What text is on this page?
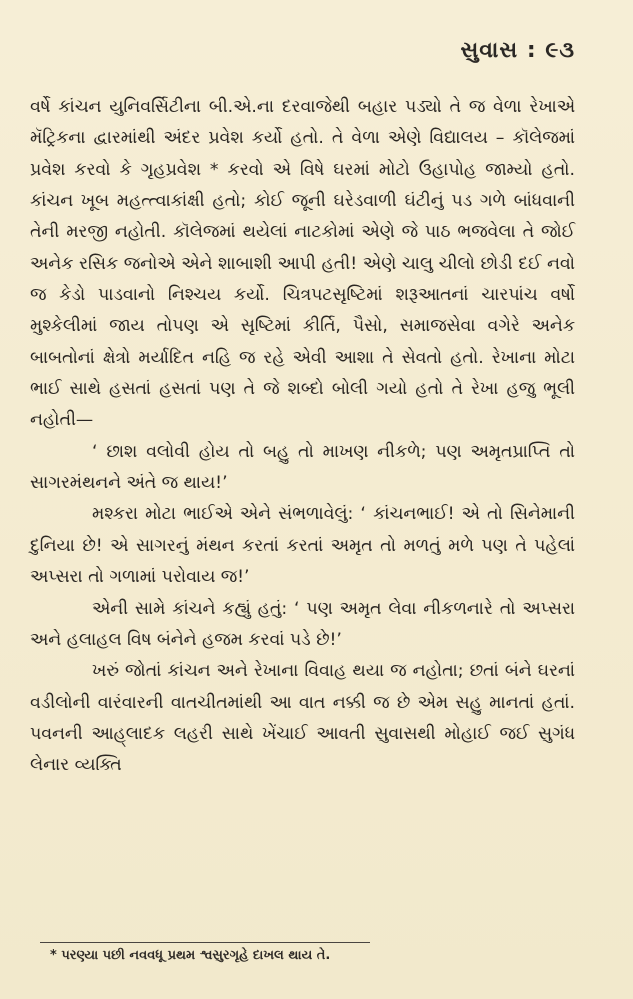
સુવાસ : ૯૩

વર્ષે કાંચન યુનિવર્સિટીના બી.એ.ના દરવાજેથી બહાર પડ્યો તે જ વેળા રેખાએ મૅટ્રિકના દ્વારમાંથી અંદર પ્રવેશ કર્યો હતો. તે વેળા એણે વિદ્યાલય – કૉલેજમાં પ્રવેશ કરવો કે ગૃહપ્રવેશ * કરવો એ વિષે ઘરમાં મોટો ઉહાપોહ જામ્યો હતો. કાંચન ખૂબ મહત્ત્વાકાંક્ષી હતો; કોઈ જૂની ઘરેડવાળી ઘંટીનું પડ ગળે બાંધવાની તેની મરજી નહોતી. કૉલેજમાં થયેલાં નાટકોમાં એણે જે પાઠ ભજવેલા તે જોઈ અનેક રસિક જનોએ એને શાબાશી આપી હતી! એણે ચાલુ ચીલો છોડી દઈ નવો જ કેડો પાડવાનો નિશ્ચય કર્યો. ચિત્રપટસૃષ્ટિમાં શરૂઆતનાં ચારપાંચ વર્ષો મુશ્કેલીમાં જાય તોપણ એ સૃષ્ટિમાં કીર્તિ, પૈસો, સમાજસેવા વગેરે અનેક બાબતોનાં ક્ષેત્રો મર્યાદિત નહિ જ રહે એવી આશા તે સેવતો હતો. રેખાના મોટા ભાઈ સાથે હસતાં હસતાં પણ તે જે શબ્દો બોલી ગયો હતો તે રેખા હજુ ભૂલી નહોતી—

‘ છાશ વલોવી હોય તો બહુ તો માખણ નીકળે; પણ અમૃતપ્રાપ્તિ તો સાગરમંથનને અંતે જ થાય!’

મશ્કરા મોટા ભાઈએ એને સંભળાવેલું: ‘ કાંચનભાઈ! એ તો સિનેમાની દુનિયા છે! એ સાગરનું મંથન કરતાં કરતાં અમૃત તો મળતું મળે પણ તે પહેલાં અપ્સરા તો ગળામાં પરોવાય જ!’

એની સામે કાંચને કહ્યું હતું: ‘ પણ અમૃત લેવા નીકળનારે તો અપ્સરા અને હલાહલ વિષ બંનેને હજમ કરવાં પડે છે!’

ખરું જોતાં કાંચન અને રેખાના વિવાહ થયા જ નહોતા; છતાં બંને ઘરનાં વડીલોની વારંવારની વાતચીતમાંથી આ વાત નક્કી જ છે એમ સહુ માનતાં હતાં. પવનની આહ્‌લાદક લહરી સાથે ખેંચાઈ આવતી સુવાસથી મોહાઈ જઈ સુગંધ લેનાર વ્યક્તિ

* પરણ્યા પછી નવવધૂ પ્રથમ શ્વસુરગૃહે દાખલ થાય તે.
